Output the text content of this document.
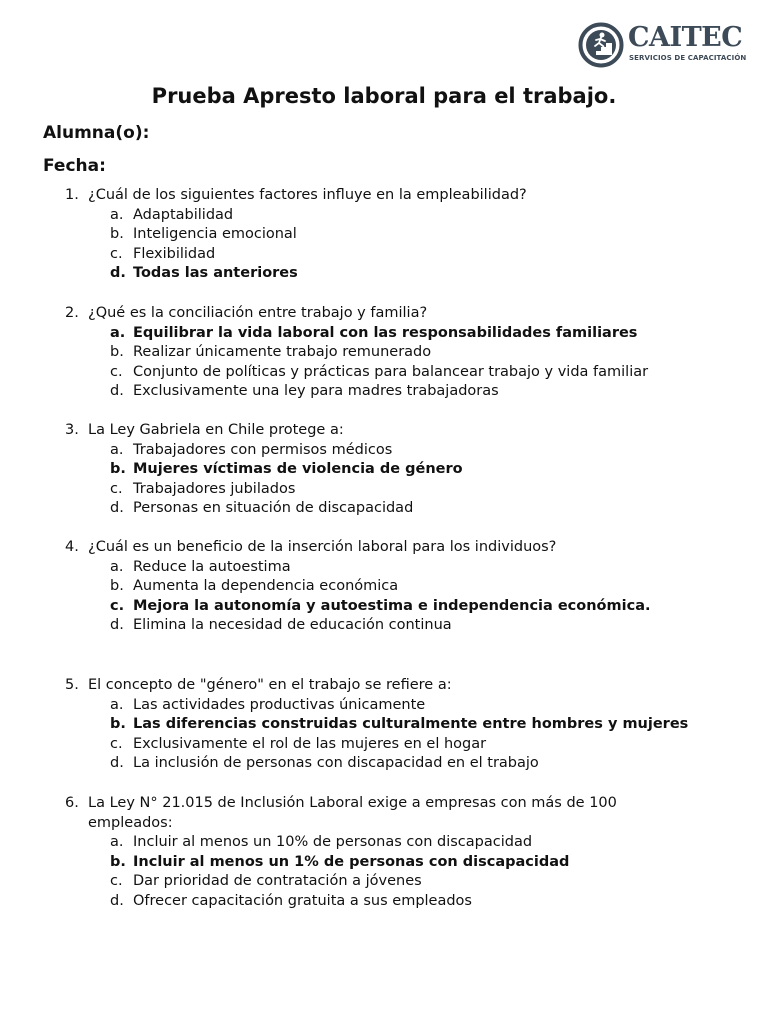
CAITEC
SERVICIOS DE CAPACITACIÓN
Prueba Apresto laboral para el trabajo.
Alumna(o):
Fecha:
1. ¿Cuál de los siguientes factores influye en la empleabilidad?
a. Adaptabilidad
b. Inteligencia emocional
c. Flexibilidad
d. Todas las anteriores
2. ¿Qué es la conciliación entre trabajo y familia?
a. Equilibrar la vida laboral con las responsabilidades familiares
b. Realizar únicamente trabajo remunerado
c. Conjunto de políticas y prácticas para balancear trabajo y vida familiar
d. Exclusivamente una ley para madres trabajadoras
3. La Ley Gabriela en Chile protege a:
a. Trabajadores con permisos médicos
b. Mujeres víctimas de violencia de género
c. Trabajadores jubilados
d. Personas en situación de discapacidad
4. ¿Cuál es un beneficio de la inserción laboral para los individuos?
a. Reduce la autoestima
b. Aumenta la dependencia económica
c. Mejora la autonomía y autoestima e independencia económica.
d. Elimina la necesidad de educación continua
5. El concepto de "género" en el trabajo se refiere a:
a. Las actividades productivas únicamente
b. Las diferencias construidas culturalmente entre hombres y mujeres
c. Exclusivamente el rol de las mujeres en el hogar
d. La inclusión de personas con discapacidad en el trabajo
6. La Ley N° 21.015 de Inclusión Laboral exige a empresas con más de 100 empleados:
a. Incluir al menos un 10% de personas con discapacidad
b. Incluir al menos un 1% de personas con discapacidad
c. Dar prioridad de contratación a jóvenes
d. Ofrecer capacitación gratuita a sus empleados
